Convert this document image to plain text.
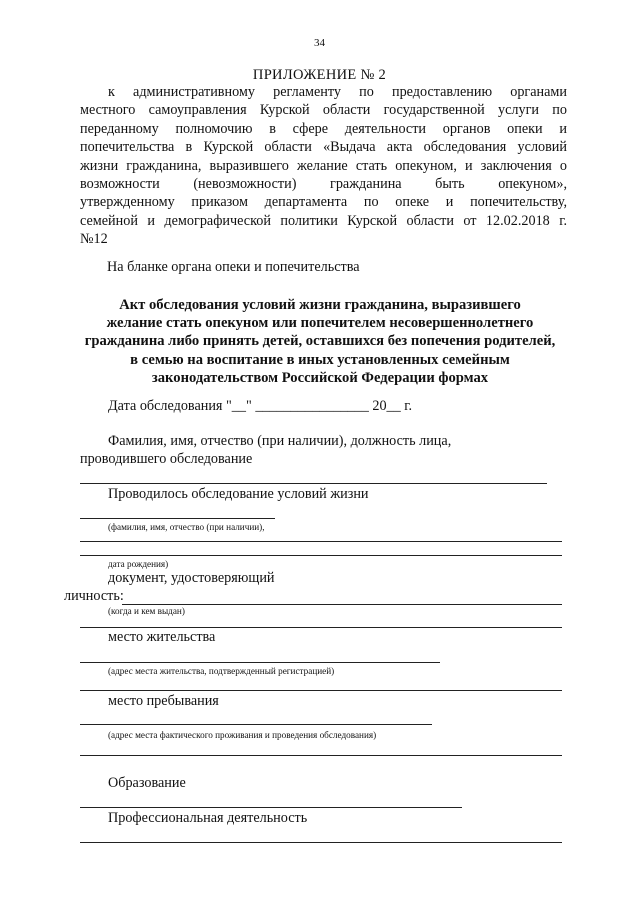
34
ПРИЛОЖЕНИЕ № 2
к административному регламенту по предоставлению органами
местного самоуправления Курской области государственной услуги по
переданному полномочию в сфере деятельности органов опеки и
попечительства в Курской области «Выдача акта обследования условий
жизни гражданина, выразившего желание стать опекуном, и заключения о
возможности (невозможности) гражданина быть опекуном»,
утвержденному приказом департамента по опеке и попечительству,
семейной и демографической политики Курской области от 12.02.2018 г.
№12
На бланке органа опеки и попечительства
Акт обследования условий жизни гражданина, выразившего
желание стать опекуном или попечителем несовершеннолетнего
гражданина либо принять детей, оставшихся без попечения родителей,
в семью на воспитание в иных установленных семейным
законодательством Российской Федерации формах
Дата обследования "__" ________________ 20__ г.
Фамилия, имя, отчество (при наличии), должность лица,
проводившего обследование
Проводилось обследование условий жизни
(фамилия, имя, отчество (при наличии),
дата рождения)
документ, удостоверяющий
личность:
(когда и кем выдан)
место жительства
(адрес места жительства, подтвержденный регистрацией)
место пребывания
(адрес места фактического проживания и проведения обследования)
Образование
Профессиональная деятельность
